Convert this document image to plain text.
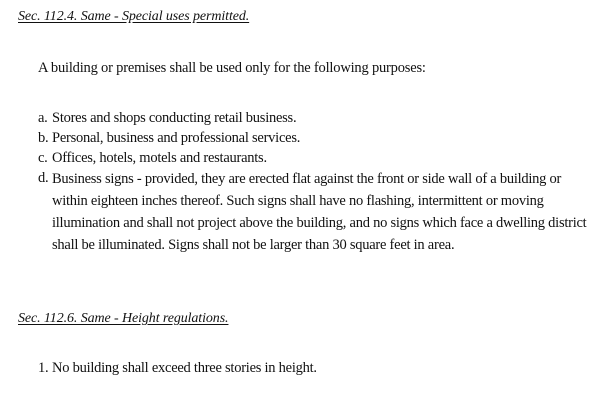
Sec. 112.4. Same - Special uses permitted.
A building or premises shall be used only for the following purposes:
a. Stores and shops conducting retail business.
b. Personal, business and professional services.
c. Offices, hotels, motels and restaurants.
d. Business signs - provided, they are erected flat against the front or side wall of a building or within eighteen inches thereof. Such signs shall have no flashing, intermittent or moving illumination and shall not project above the building, and no signs which face a dwelling district shall be illuminated. Signs shall not be larger than 30 square feet in area.
Sec. 112.6. Same - Height regulations.
1. No building shall exceed three stories in height.
